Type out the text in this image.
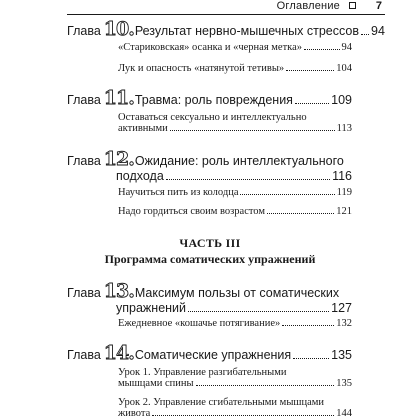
Оглавление	7
Глава 10. Результат нервно-мышечных стрессов 94
«Стариковская» осанка и «черная метка»	94
Лук и опасность «натянутой тетивы»	104
Глава 11. Травма: роль повреждения	109
Оставаться сексуально и интеллектуально
активными	113
Глава 12. Ожидание: роль интеллектуального
подхода	116
Научиться пить из колодца	119
Надо гордиться своим возрастом	121
ЧАСТЬ III
Программа соматических упражнений
Глава 13. Максимум пользы от соматических
упражнений	127
Ежедневное «кошачье потягивание»	132
Глава 14. Соматические упражнения	135
Урок 1. Управление разгибательными
мышцами спины	135
Урок 2. Управление сгибательными мышцами
живота	144
